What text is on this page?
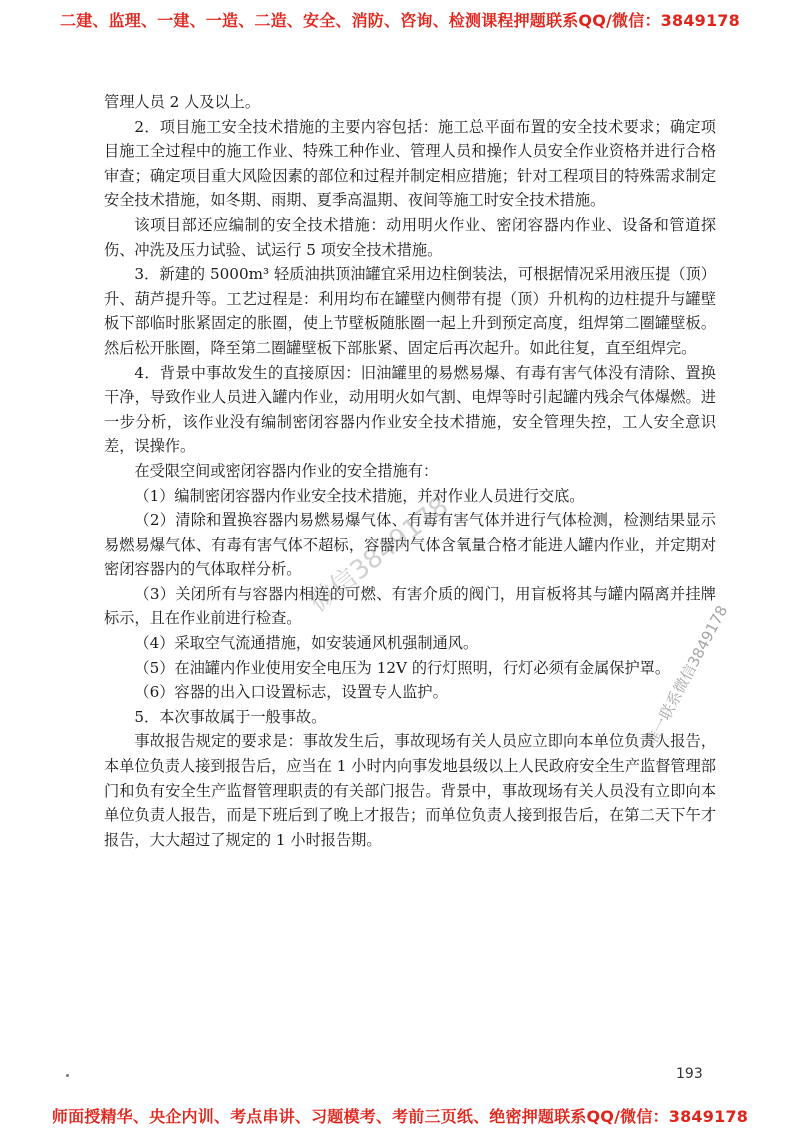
二建、监理、一建、一造、二造、安全、消防、咨询、检测课程押题联系QQ/微信：3849178

管理人员 2 人及以上。

2．项目施工安全技术措施的主要内容包括：施工总平面布置的安全技术要求；确定项目施工全过程中的施工作业、特殊工种作业、管理人员和操作人员安全作业资格并进行合格审查；确定项目重大风险因素的部位和过程并制定相应措施；针对工程项目的特殊需求制定安全技术措施，如冬期、雨期、夏季高温期、夜间等施工时安全技术措施。

该项目部还应编制的安全技术措施：动用明火作业、密闭容器内作业、设备和管道探伤、冲洗及压力试验、试运行 5 项安全技术措施。

3．新建的 5000m³ 轻质油拱顶油罐宜采用边柱倒装法，可根据情况采用液压提（顶）升、葫芦提升等。工艺过程是：利用均布在罐壁内侧带有提（顶）升机构的边柱提升与罐壁板下部临时胀紧固定的胀圈，使上节壁板随胀圈一起上升到预定高度，组焊第二圈罐壁板。然后松开胀圈，降至第二圈罐壁板下部胀紧、固定后再次起升。如此往复，直至组焊完。

4．背景中事故发生的直接原因：旧油罐里的易燃易爆、有毒有害气体没有清除、置换干净，导致作业人员进入罐内作业，动用明火如气割、电焊等时引起罐内残余气体爆燃。进一步分析，该作业没有编制密闭容器内作业安全技术措施，安全管理失控，工人安全意识差，误操作。

在受限空间或密闭容器内作业的安全措施有：

（1）编制密闭容器内作业安全技术措施，并对作业人员进行交底。

（2）清除和置换容器内易燃易爆气体、有毒有害气体并进行气体检测，检测结果显示易燃易爆气体、有毒有害气体不超标，容器内气体含氧量合格才能进人罐内作业，并定期对密闭容器内的气体取样分析。

（3）关闭所有与容器内相连的可燃、有害介质的阀门，用盲板将其与罐内隔离并挂牌标示，且在作业前进行检查。

（4）采取空气流通措施，如安装通风机强制通风。

（5）在油罐内作业使用安全电压为 12V 的行灯照明，行灯必须有金属保护罩。

（6）容器的出入口设置标志，设置专人监护。

5．本次事故属于一般事故。

事故报告规定的要求是：事故发生后，事故现场有关人员应立即向本单位负责人报告，本单位负责人接到报告后，应当在 1 小时内向事发地县级以上人民政府安全生产监督管理部门和负有安全生产监督管理职责的有关部门报告。背景中，事故现场有关人员没有立即向本单位负责人报告，而是下班后到了晚上才报告；而单位负责人接到报告后，在第二天下午才报告，大大超过了规定的 1 小时报告期。

微信3849178
唯一联系微信3849178
193
师面授精华、央企内训、考点串讲、习题模考、考前三页纸、绝密押题联系QQ/微信：3849178
